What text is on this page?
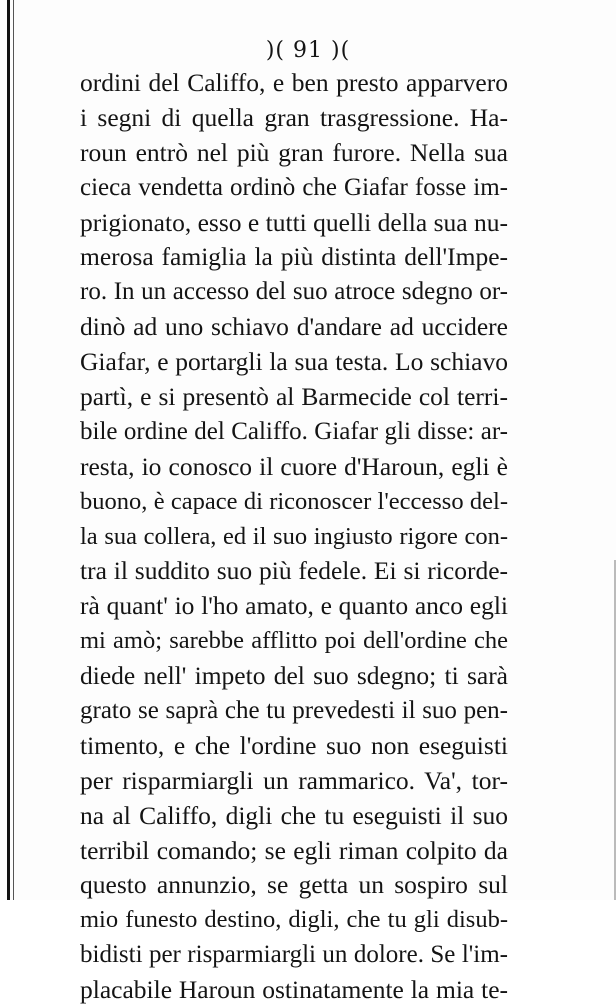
)( 91 )(
ordini del Califfo, e ben presto apparvero
i segni di quella gran trasgressione. Ha-
roun entrò nel più gran furore. Nella sua
cieca vendetta ordinò che Giafar fosse im-
prigionato, esso e tutti quelli della sua nu-
merosa famiglia la più distinta dell'Impe-
ro. In un accesso del suo atroce sdegno or-
dinò ad uno schiavo d'andare ad uccidere
Giafar, e portargli la sua testa. Lo schiavo
partì, e si presentò al Barmecide col terri-
bile ordine del Califfo. Giafar gli disse: ar-
resta, io conosco il cuore d'Haroun, egli è
buono, è capace di riconoscer l'eccesso del-
la sua collera, ed il suo ingiusto rigore con-
tra il suddito suo più fedele. Ei si ricorde-
rà quant' io l'ho amato, e quanto anco egli
mi amò; sarebbe afflitto poi dell'ordine che
diede nell' impeto del suo sdegno; ti sarà
grato se saprà che tu prevedesti il suo pen-
timento, e che l'ordine suo non eseguisti
per risparmiargli un rammarico. Va', tor-
na al Califfo, digli che tu eseguisti il suo
terribil comando; se egli riman colpito da
questo annunzio, se getta un sospiro sul
mio funesto destino, digli, che tu gli disub-
bidisti per risparmiargli un dolore. Se l'im-
placabile Haroun ostinatamente la mia te-
